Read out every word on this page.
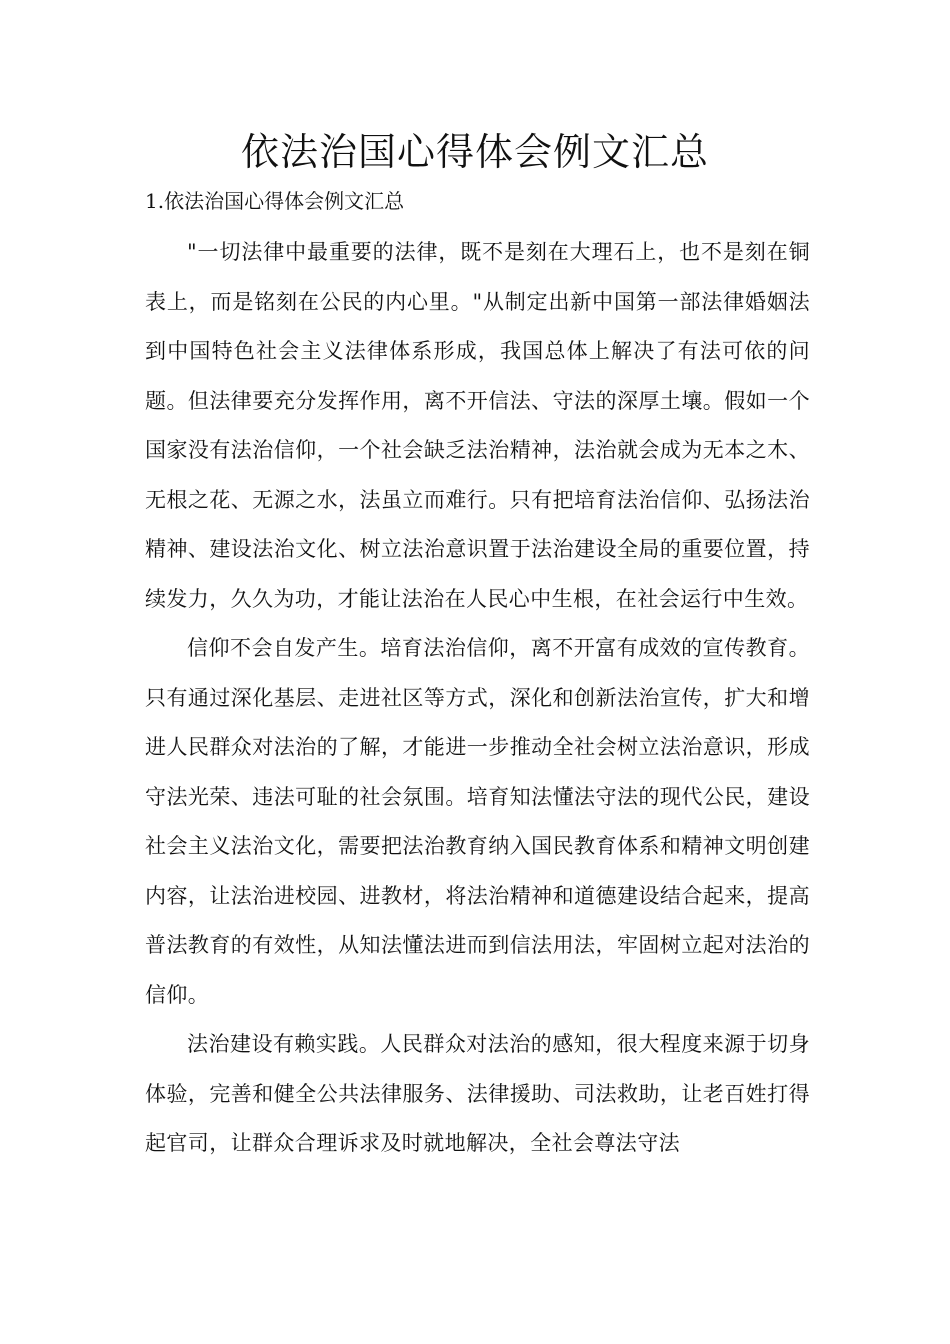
依法治国心得体会例文汇总

1.依法治国心得体会例文汇总

"一切法律中最重要的法律，既不是刻在大理石上，也不是刻在铜表上，而是铭刻在公民的内心里。"从制定出新中国第一部法律婚姻法到中国特色社会主义法律体系形成，我国总体上解决了有法可依的问题。但法律要充分发挥作用，离不开信法、守法的深厚土壤。假如一个国家没有法治信仰，一个社会缺乏法治精神，法治就会成为无本之木、无根之花、无源之水，法虽立而难行。只有把培育法治信仰、弘扬法治精神、建设法治文化、树立法治意识置于法治建设全局的重要位置，持续发力，久久为功，才能让法治在人民心中生根，在社会运行中生效。

信仰不会自发产生。培育法治信仰，离不开富有成效的宣传教育。只有通过深化基层、走进社区等方式，深化和创新法治宣传，扩大和增进人民群众对法治的了解，才能进一步推动全社会树立法治意识，形成守法光荣、违法可耻的社会氛围。培育知法懂法守法的现代公民，建设社会主义法治文化，需要把法治教育纳入国民教育体系和精神文明创建内容，让法治进校园、进教材，将法治精神和道德建设结合起来，提高普法教育的有效性，从知法懂法进而到信法用法，牢固树立起对法治的信仰。

法治建设有赖实践。人民群众对法治的感知，很大程度来源于切身体验，完善和健全公共法律服务、法律援助、司法救助，让老百姓打得起官司，让群众合理诉求及时就地解决，全社会尊法守法
